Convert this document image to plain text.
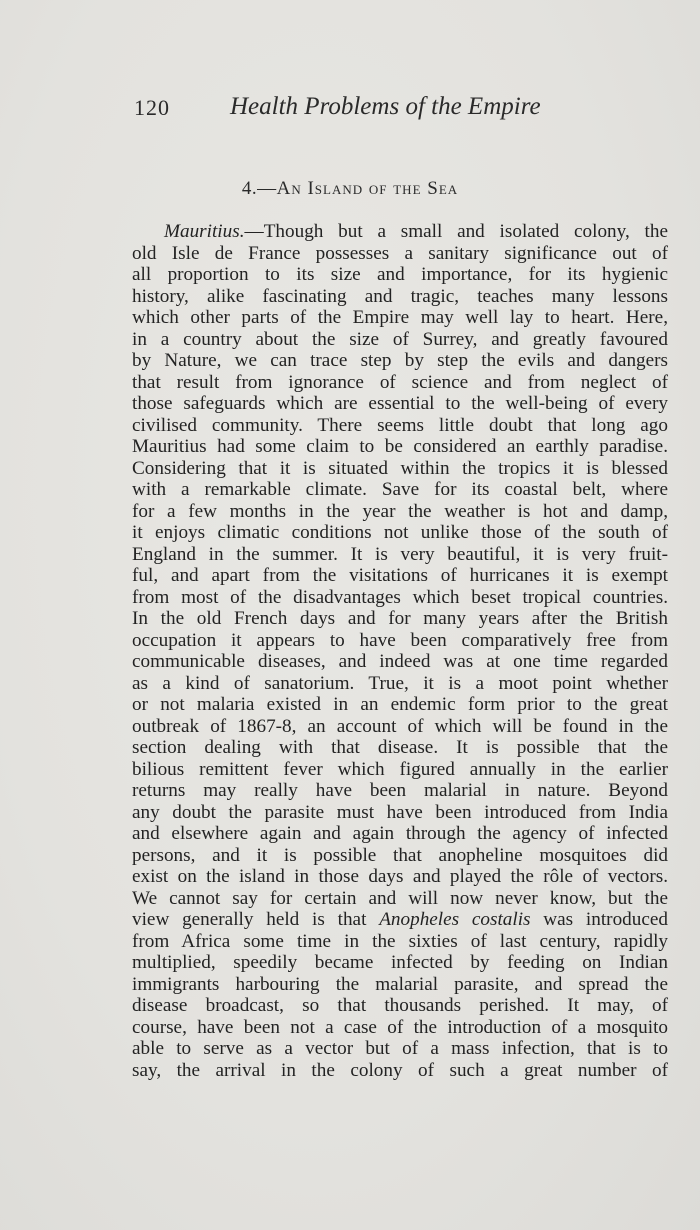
120 Health Problems of the Empire
4.—An Island of the Sea
Mauritius.—Though but a small and isolated colony, the
old Isle de France possesses a sanitary significance out of
all proportion to its size and importance, for its hygienic
history, alike fascinating and tragic, teaches many lessons
which other parts of the Empire may well lay to heart. Here,
in a country about the size of Surrey, and greatly favoured
by Nature, we can trace step by step the evils and dangers
that result from ignorance of science and from neglect of
those safeguards which are essential to the well-being of every
civilised community. There seems little doubt that long ago
Mauritius had some claim to be considered an earthly paradise.
Considering that it is situated within the tropics it is blessed
with a remarkable climate. Save for its coastal belt, where
for a few months in the year the weather is hot and damp,
it enjoys climatic conditions not unlike those of the south of
England in the summer. It is very beautiful, it is very fruit-
ful, and apart from the visitations of hurricanes it is exempt
from most of the disadvantages which beset tropical countries.
In the old French days and for many years after the British
occupation it appears to have been comparatively free from
communicable diseases, and indeed was at one time regarded
as a kind of sanatorium. True, it is a moot point whether
or not malaria existed in an endemic form prior to the great
outbreak of 1867-8, an account of which will be found in the
section dealing with that disease. It is possible that the
bilious remittent fever which figured annually in the earlier
returns may really have been malarial in nature. Beyond
any doubt the parasite must have been introduced from India
and elsewhere again and again through the agency of infected
persons, and it is possible that anopheline mosquitoes did
exist on the island in those days and played the rôle of vectors.
We cannot say for certain and will now never know, but the
view generally held is that Anopheles costalis was introduced
from Africa some time in the sixties of last century, rapidly
multiplied, speedily became infected by feeding on Indian
immigrants harbouring the malarial parasite, and spread the
disease broadcast, so that thousands perished. It may, of
course, have been not a case of the introduction of a mosquito
able to serve as a vector but of a mass infection, that is to
say, the arrival in the colony of such a great number of
